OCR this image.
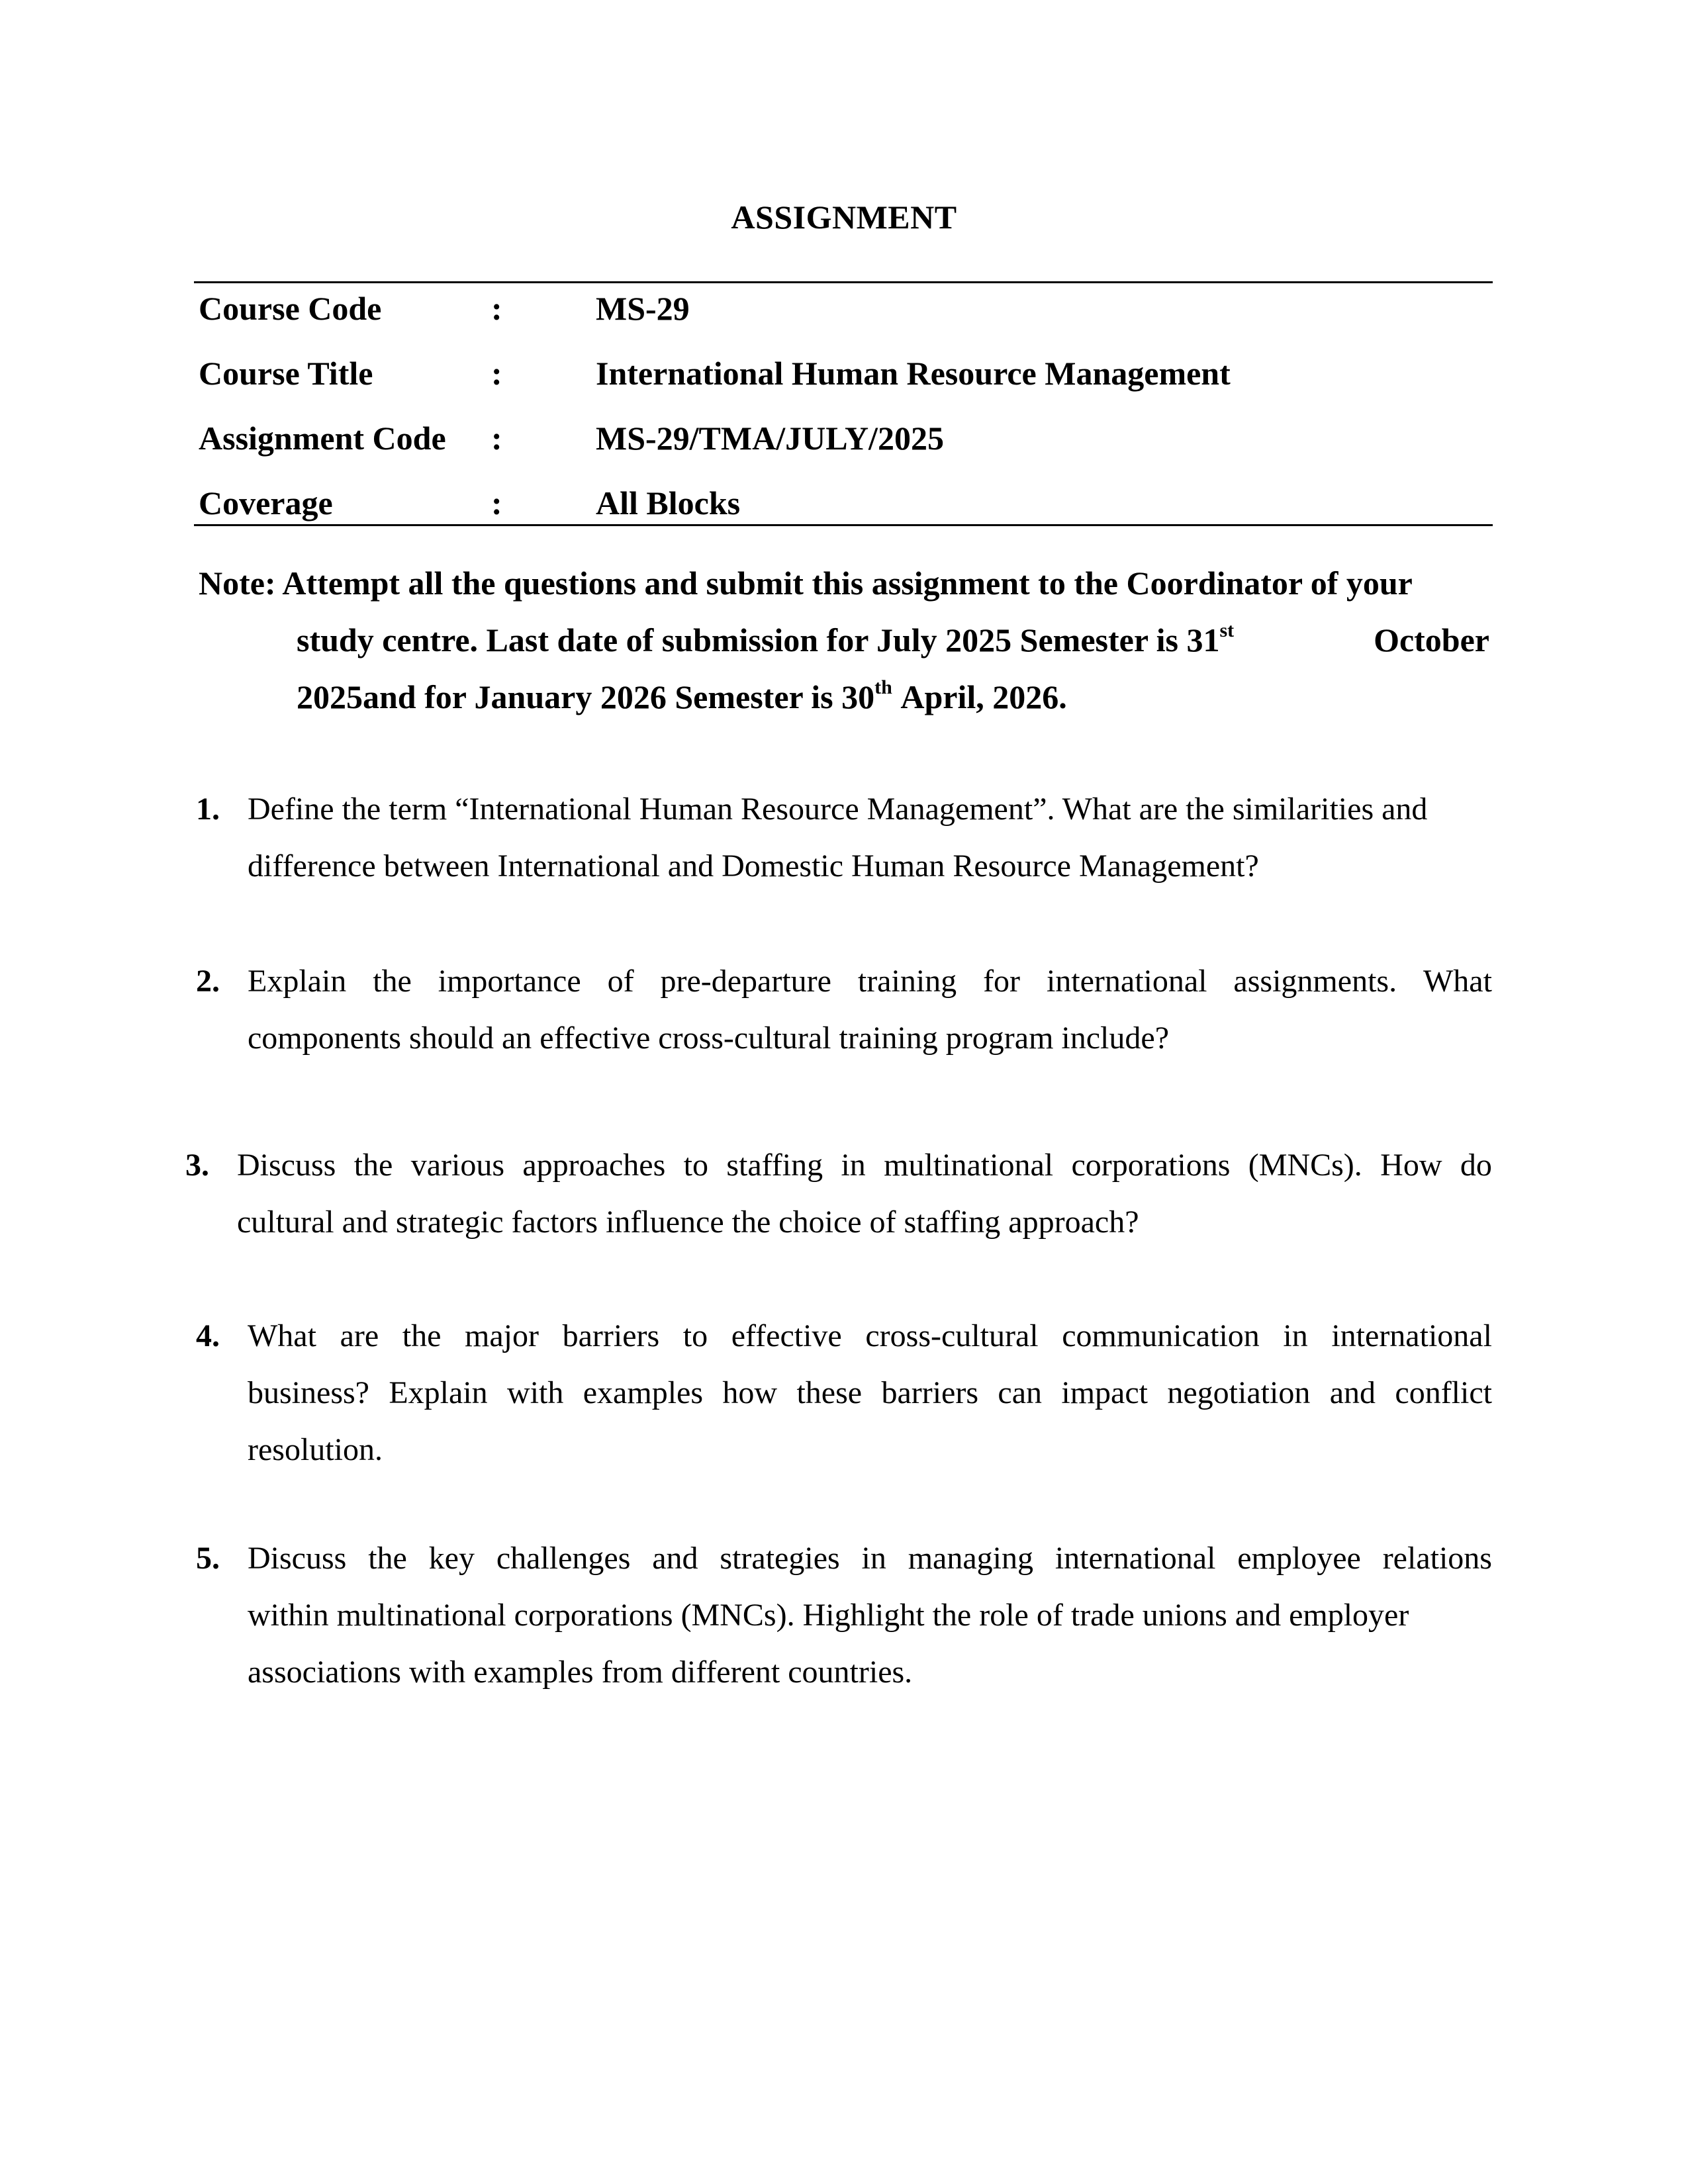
ASSIGNMENT
Course Code	:	MS-29
Course Title	:	International Human Resource Management
Assignment Code :	MS-29/TMA/JULY/2025
Coverage	:	All Blocks
Note: Attempt all the questions and submit this assignment to the Coordinator of your
study centre. Last date of submission for July 2025 Semester is 31st	October
2025and for January 2026 Semester is 30th April, 2026.
1. Define the term “International Human Resource Management”. What are the similarities and
difference between International and Domestic Human Resource Management?
2. Explain the importance of pre-departure training for international assignments. What
components should an effective cross-cultural training program include?
3. Discuss the various approaches to staffing in multinational corporations (MNCs). How do
cultural and strategic factors influence the choice of staffing approach?
4. What are the major barriers to effective cross-cultural communication in international
business? Explain with examples how these barriers can impact negotiation and conflict
resolution.
5. Discuss the key challenges and strategies in managing international employee relations
within multinational corporations (MNCs). Highlight the role of trade unions and employer
associations with examples from different countries.
